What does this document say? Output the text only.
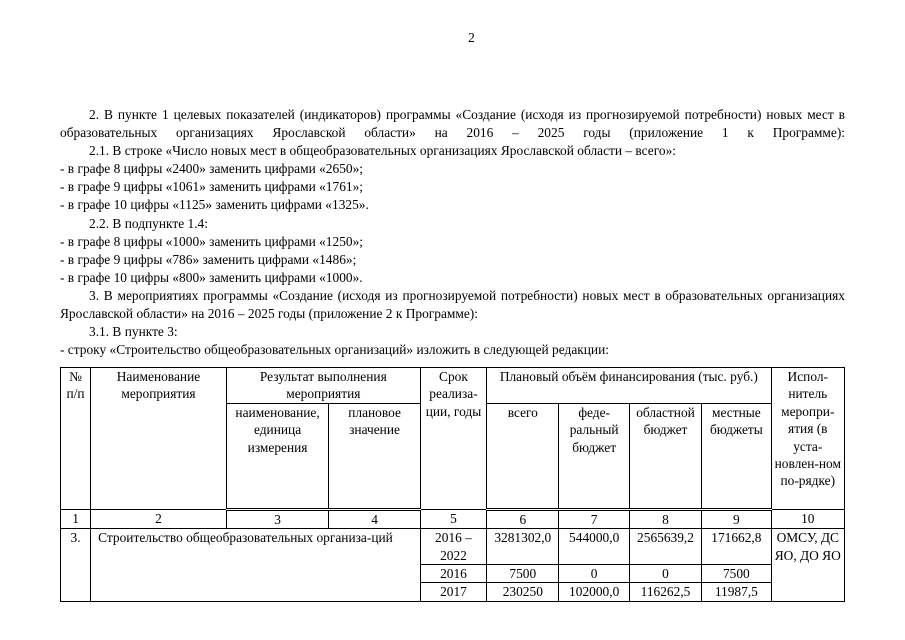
2

2. В пункте 1 целевых показателей (индикаторов) программы «Создание (исходя из прогнозируемой потребности) новых мест в образовательных организациях Ярославской области» на 2016 – 2025 годы (приложение 1 к Программе):

2.1. В строке «Число новых мест в общеобразовательных организациях Ярославской области – всего»:

- в графе 8 цифры «2400» заменить цифрами «2650»;

- в графе 9 цифры «1061» заменить цифрами «1761»;

- в графе 10 цифры «1125» заменить цифрами «1325».

2.2. В подпункте 1.4:

- в графе 8 цифры «1000» заменить цифрами «1250»;

- в графе 9 цифры «786» заменить цифрами «1486»;

- в графе 10 цифры «800» заменить цифрами «1000».

3. В мероприятиях программы «Создание (исходя из прогнозируемой потребности) новых мест в образовательных организациях Ярославской области» на 2016 – 2025 годы (приложение 2 к Программе):

3.1. В пункте 3:

- строку «Строительство общеобразовательных организаций» изложить в следующей редакции:

№ п/п	Наименование мероприятия	Результат выполнения мероприятия		Срок реализа-ции, годы	Плановый объём финансирования (тыс. руб.)				Испол-нитель меропри-ятия (в уста-новлен-ном по-рядке)
		наименование, единица измерения	плановое значение		всего	феде-ральный бюджет	областной бюджет	местные бюджеты	
1	2	3	4	5	6	7	8	9	10
3.	Строительство общеобразовательных организа-ций			2016 – 2022	3281302,0	544000,0	2565639,2	171662,8	ОМСУ, ДС ЯО, ДО ЯО
				2016	7500	0	0	7500	
				2017	230250	102000,0	116262,5	11987,5	
